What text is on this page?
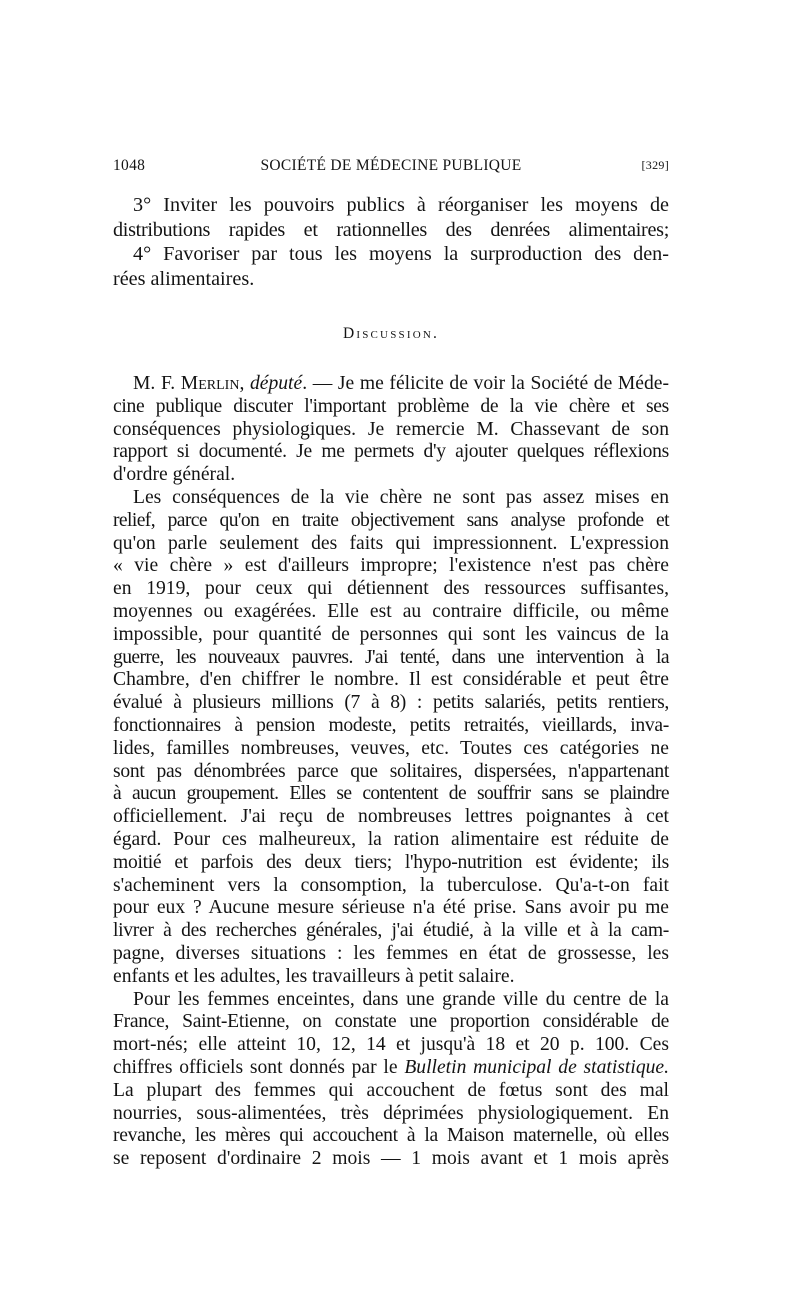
1048	SOCIÉTÉ DE MÉDECINE PUBLIQUE	[329]
3° Inviter les pouvoirs publics à réorganiser les moyens de
distributions rapides et rationnelles des denrées alimentaires;
4° Favoriser par tous les moyens la surproduction des den-
rées alimentaires.
Discussion.
M. F. Merlin, député. — Je me félicite de voir la Société de Méde-
cine publique discuter l'important problème de la vie chère et ses
conséquences physiologiques. Je remercie M. Chassevant de son
rapport si documenté. Je me permets d'y ajouter quelques réflexions
d'ordre général.
Les conséquences de la vie chère ne sont pas assez mises en
relief, parce qu'on en traite objectivement sans analyse profonde et
qu'on parle seulement des faits qui impressionnent. L'expression
« vie chère » est d'ailleurs impropre; l'existence n'est pas chère
en 1919, pour ceux qui détiennent des ressources suffisantes,
moyennes ou exagérées. Elle est au contraire difficile, ou même
impossible, pour quantité de personnes qui sont les vaincus de la
guerre, les nouveaux pauvres. J'ai tenté, dans une intervention à la
Chambre, d'en chiffrer le nombre. Il est considérable et peut être
évalué à plusieurs millions (7 à 8) : petits salariés, petits rentiers,
fonctionnaires à pension modeste, petits retraités, vieillards, inva-
lides, familles nombreuses, veuves, etc. Toutes ces catégories ne
sont pas dénombrées parce que solitaires, dispersées, n'appartenant
à aucun groupement. Elles se contentent de souffrir sans se plaindre
officiellement. J'ai reçu de nombreuses lettres poignantes à cet
égard. Pour ces malheureux, la ration alimentaire est réduite de
moitié et parfois des deux tiers; l'hypo-nutrition est évidente; ils
s'acheminent vers la consomption, la tuberculose. Qu'a-t-on fait
pour eux ? Aucune mesure sérieuse n'a été prise. Sans avoir pu me
livrer à des recherches générales, j'ai étudié, à la ville et à la cam-
pagne, diverses situations : les femmes en état de grossesse, les
enfants et les adultes, les travailleurs à petit salaire.
Pour les femmes enceintes, dans une grande ville du centre de la
France, Saint-Etienne, on constate une proportion considérable de
mort-nés; elle atteint 10, 12, 14 et jusqu'à 18 et 20 p. 100. Ces
chiffres officiels sont donnés par le Bulletin municipal de statistique.
La plupart des femmes qui accouchent de fœtus sont des mal
nourries, sous-alimentées, très déprimées physiologiquement. En
revanche, les mères qui accouchent à la Maison maternelle, où elles
se reposent d'ordinaire 2 mois — 1 mois avant et 1 mois après
